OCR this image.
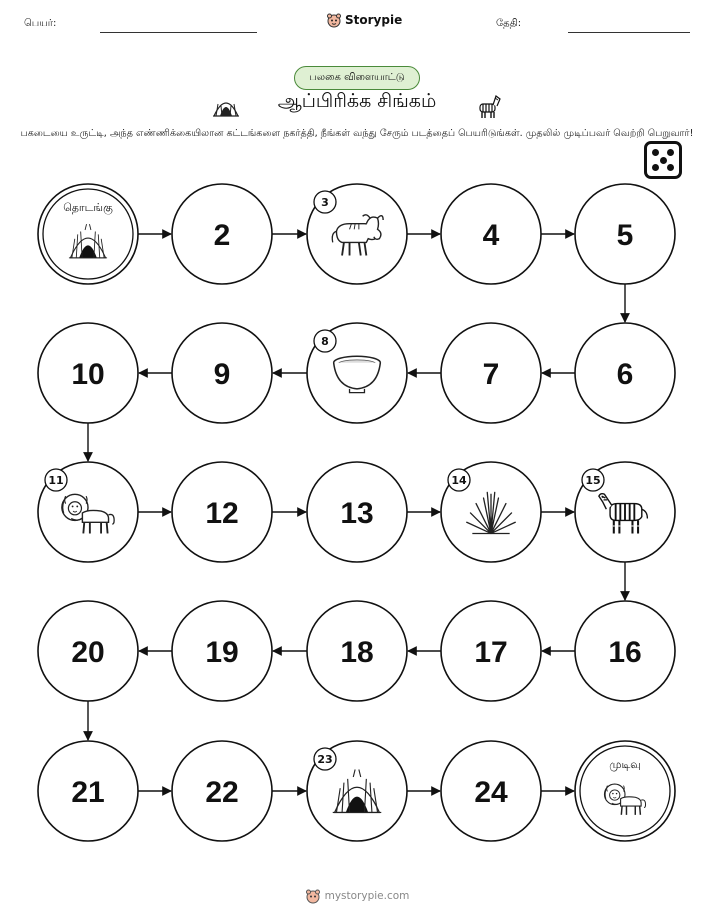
பெயர்:	Storypie	தேதி:
பலகை விளையாட்டு
ஆப்பிரிக்க சிங்கம்
பகடையை உருட்டி, அந்த எண்ணிக்கையிலான கட்டங்களை நகர்த்தி, நீங்கள் வந்து சேரும் படத்தைப் பெயரிடுங்கள். முதலில் முடிப்பவர் வெற்றி பெறுவார்!
தொடங்கு
2
3
4	5
10	9
8
7	6
11
12	13
14	15
20	19	18	17	16
21	22
23
24
முடிவு
mystorypie.com
